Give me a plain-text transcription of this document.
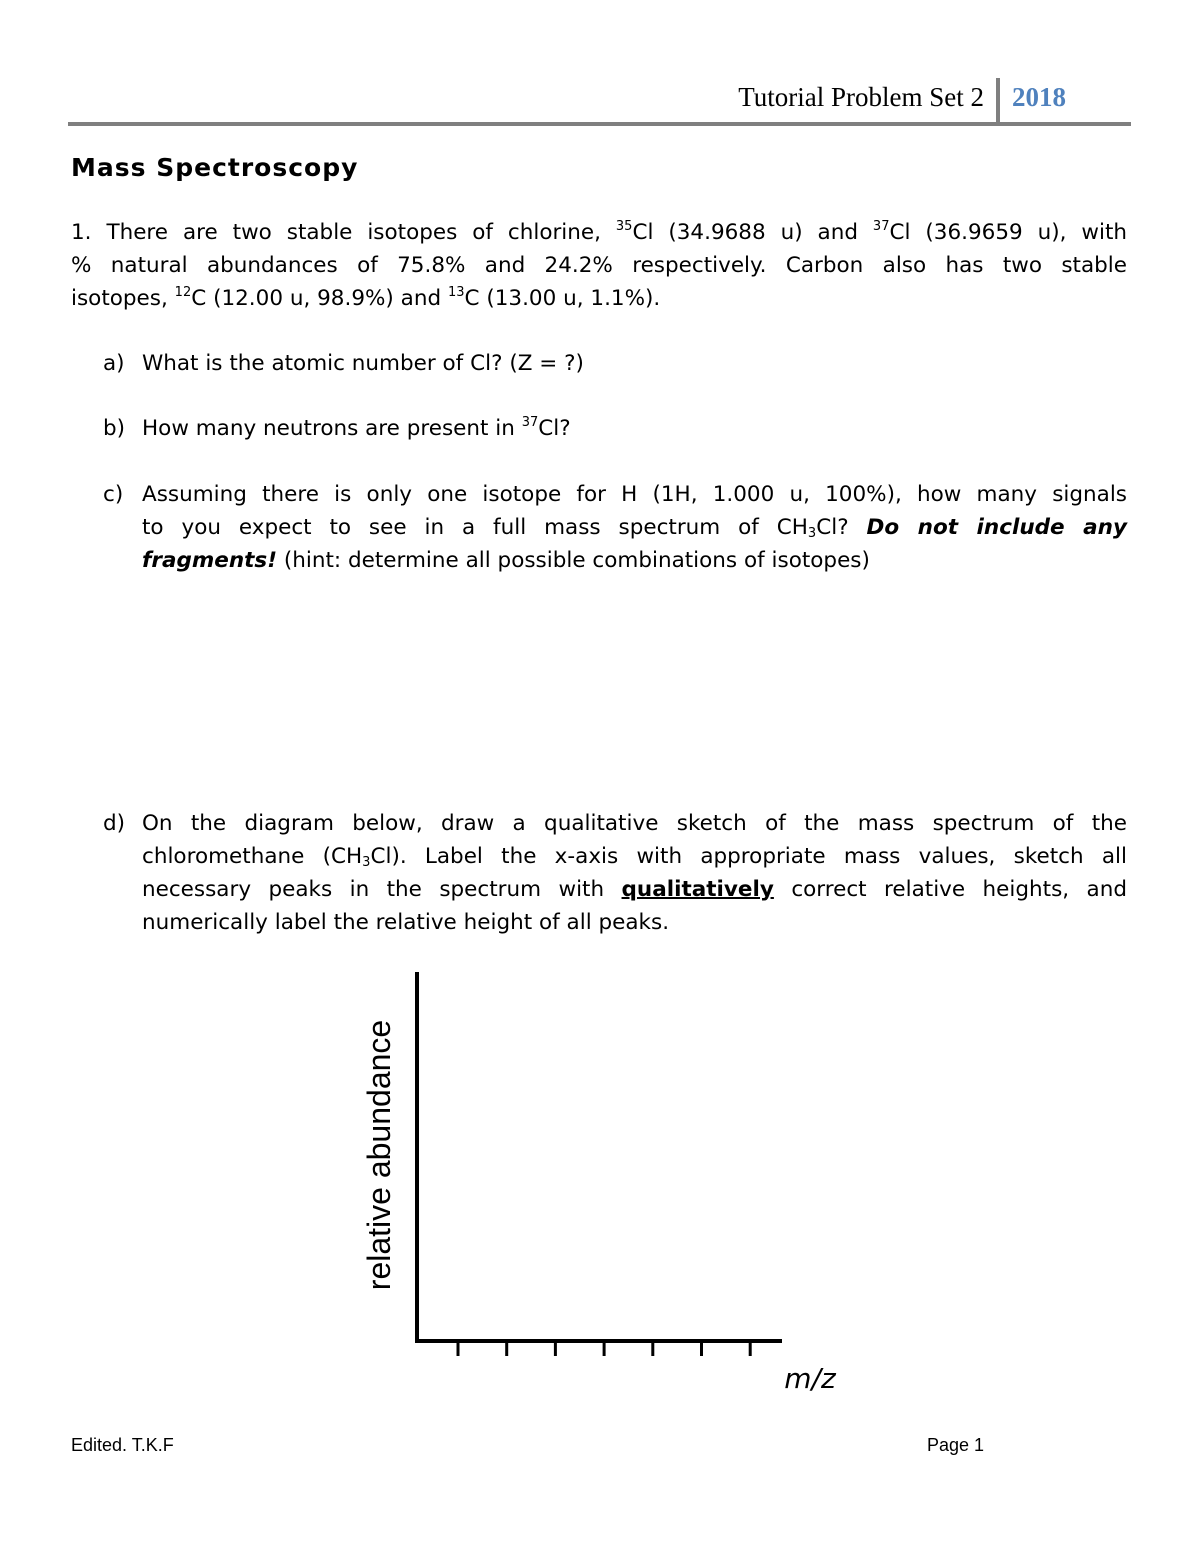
Tutorial Problem Set 2 2018
Mass Spectroscopy
1. There are two stable isotopes of chlorine, $^{35}$Cl (34.9688 u) and $^{37}$Cl (36.9659 u), with
% natural abundances of 75.8% and 24.2% respectively. Carbon also has two stable
isotopes, $^{12}$C (12.00 u, 98.9%) and $^{13}$C (13.00 u, 1.1%).
a) What is the atomic number of Cl? (Z = ?)
b) How many neutrons are present in $^{37}$Cl?
c) Assuming there is only one isotope for H (1H, 1.000 u, 100%), how many signals
to you expect to see in a full mass spectrum of $CH_3Cl$? Do not include any
fragments! (hint: determine all possible combinations of isotopes)
d) On the diagram below, draw a qualitative sketch of the mass spectrum of the
chloromethane $(CH_3Cl)$. Label the x-axis with appropriate mass values, sketch all
necessary peaks in the spectrum with qualitatively correct relative heights, and
numerically label the relative height of all peaks.
relative abundance
m/z
Edited. T.K.F	Page 1
